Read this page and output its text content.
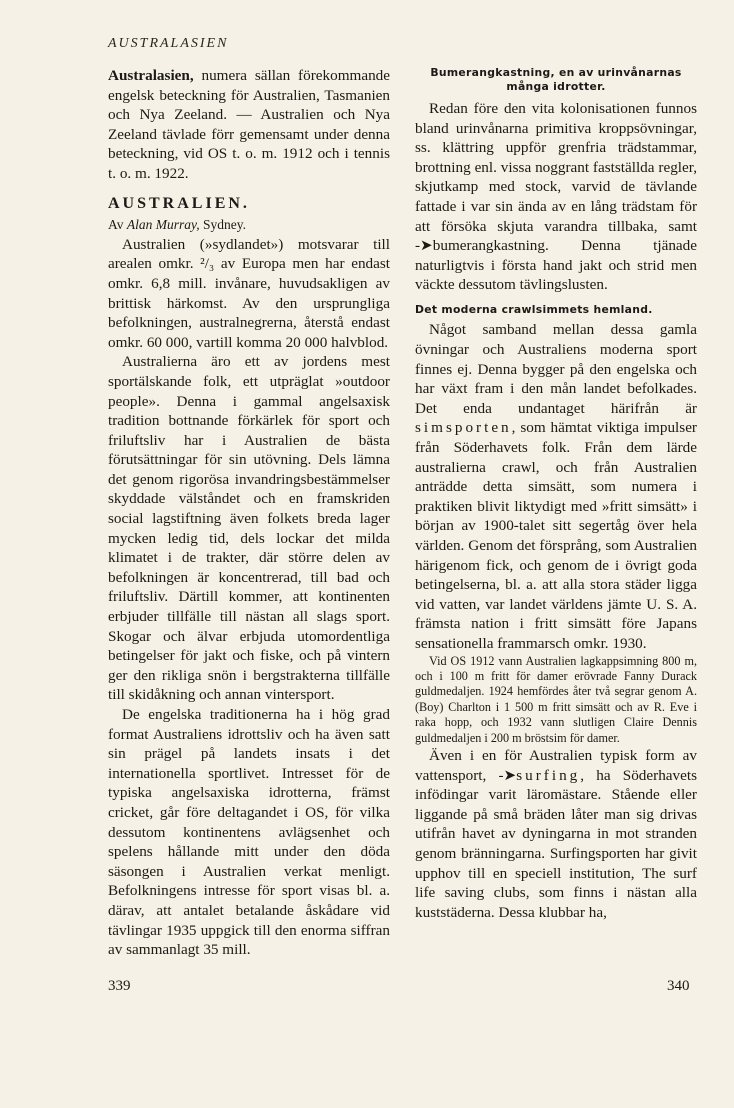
AUSTRALASIEN

Australasien, numera sällan förekommande engelsk beteckning för Australien, Tasmanien och Nya Zeeland. — Australien och Nya Zeeland tävlade förr gemensamt under denna beteckning, vid OS t. o. m. 1912 och i tennis t. o. m. 1922.

AUSTRALIEN.

Av Alan Murray, Sydney.

Australien (»sydlandet») motsvarar till arealen omkr. ²/₃ av Europa men har endast omkr. 6,8 mill. invånare, huvudsakligen av brittisk härkomst. Av den ursprungliga befolkningen, australnegrerna, återstå endast omkr. 60 000, vartill komma 20 000 halvblod.

Australierna äro ett av jordens mest sportälskande folk, ett utpräglat »outdoor people». Denna i gammal angelsaxisk tradition bottnande förkärlek för sport och friluftsliv har i Australien de bästa förutsättningar för sin utövning. Dels lämna det genom rigorösa invandringsbestämmelser skyddade välståndet och en framskriden social lagstiftning även folkets breda lager mycken ledig tid, dels lockar det milda klimatet i de trakter, där större delen av befolkningen är koncentrerad, till bad och friluftsliv. Därtill kommer, att kontinenten erbjuder tillfälle till nästan all slags sport. Skogar och älvar erbjuda utomordentliga betingelser för jakt och fiske, och på vintern ger den rikliga snön i bergstrakterna tillfälle till skidåkning och annan vintersport.

De engelska traditionerna ha i hög grad format Australiens idrottsliv och ha även satt sin prägel på landets insats i det internationella sportlivet. Intresset för de typiska angelsaxiska idrotterna, främst cricket, går före deltagandet i OS, för vilka dessutom kontinentens avlägsenhet och spelens hållande mitt under den döda säsongen i Australien verkat menligt. Befolkningens intresse för sport visas bl. a. därav, att antalet betalande åskådare vid tävlingar 1935 uppgick till den enorma siffran av sammanlagt 35 mill.

Bumerangkastning, en av urinvånarnas många idrotter.

Redan före den vita kolonisationen funnos bland urinvånarna primitiva kroppsövningar, ss. klättring uppför grenfria trädstammar, brottning enl. vissa noggrant fastställda regler, skjutkamp med stock, varvid de tävlande fattade i var sin ända av en lång trädstam för att försöka skjuta varandra tillbaka, samt -➤bumerangkastning. Denna tjänade naturligtvis i första hand jakt och strid men väckte dessutom tävlingslusten.

Det moderna crawlsimmets hemland.

Något samband mellan dessa gamla övningar och Australiens moderna sport finnes ej. Denna bygger på den engelska och har växt fram i den mån landet befolkades. Det enda undantaget härifrån är simsporten, som hämtat viktiga impulser från Söderhavets folk. Från dem lärde australierna crawl, och från Australien anträdde detta simsätt, som numera i praktiken blivit liktydigt med »fritt simsätt» i början av 1900-talet sitt segertåg över hela världen. Genom det försprång, som Australien härigenom fick, och genom de i övrigt goda betingelserna, bl. a. att alla stora städer ligga vid vatten, var landet världens jämte U. S. A. främsta nation i fritt simsätt före Japans sensationella frammarsch omkr. 1930.

Vid OS 1912 vann Australien lagkappsimning 800 m, och i 100 m fritt för damer erövrade Fanny Durack guldmedaljen. 1924 hemfördes åter två segrar genom A. (Boy) Charlton i 1 500 m fritt simsätt och av R. Eve i raka hopp, och 1932 vann slutligen Claire Dennis guldmedaljen i 200 m bröstsim för damer.

Även i en för Australien typisk form av vattensport, -➤surfing, ha Söderhavets infödingar varit läromästare. Stående eller liggande på små bräden låter man sig drivas utifrån havet av dyningarna in mot stranden genom bränningarna. Surfingsporten har givit upphov till en speciell institution, The surf life saving clubs, som finns i nästan alla kuststäderna. Dessa klubbar ha,

339	340
